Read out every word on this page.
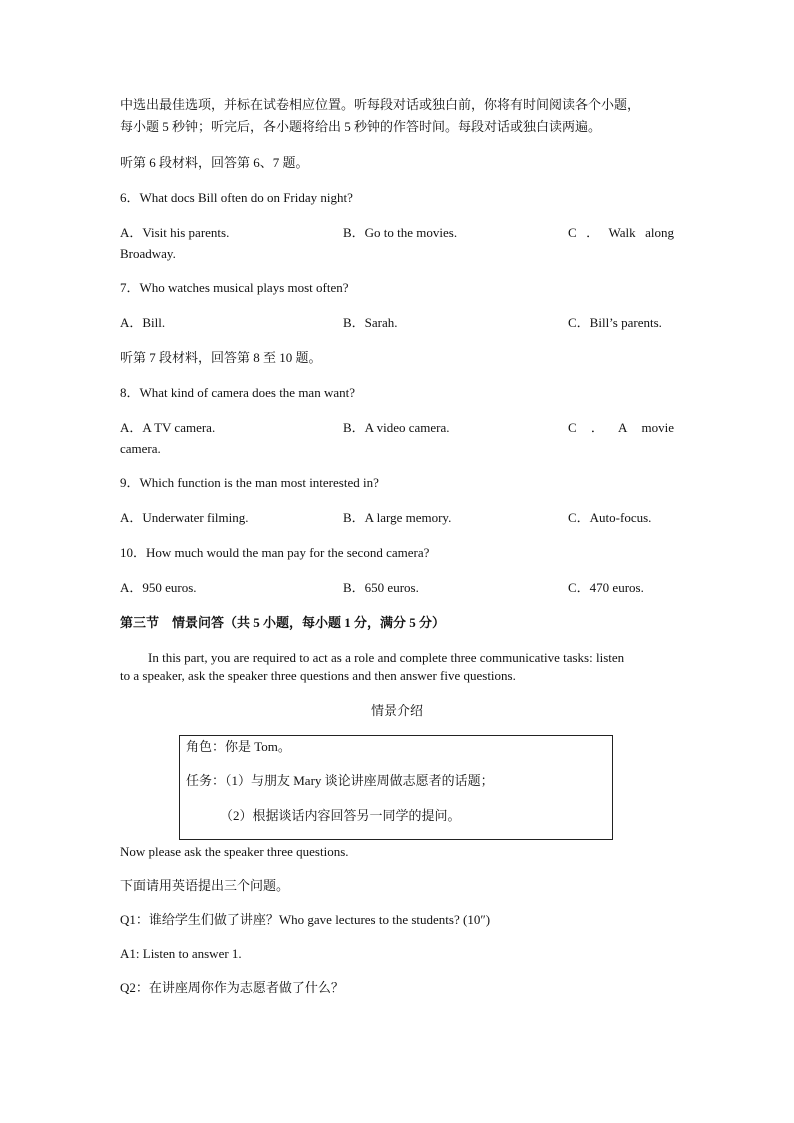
中选出最佳选项，并标在试卷相应位置。听每段对话或独白前，你将有时间阅读各个小题，
每小题 5 秒钟；听完后，各小题将给出 5 秒钟的作答时间。每段对话或独白读两遍。
听第 6 段材料，回答第 6、7 题。
6．What docs Bill often do on Friday night?
A．Visit his parents.	B．Go to the movies.	C ． Walk along
Broadway.
7．Who watches musical plays most often?
A．Bill.	B．Sarah.	C．Bill’s parents.
听第 7 段材料，回答第 8 至 10 题。
8．What kind of camera does the man want?
A．A TV camera.	B．A video camera.	C ． A movie
camera.
9．Which function is the man most interested in?
A．Underwater filming.	B．A large memory.	C．Auto-focus.
10．How much would the man pay for the second camera?
A．950 euros.	B．650 euros.	C．470 euros.
第三节    情景问答（共 5 小题，每小题 1 分，满分 5 分）
In this part, you are required to act as a role and complete three communicative tasks: listen
to a speaker, ask the speaker three questions and then answer five questions.
情景介绍
角色：你是 Tom。
任务：（1）与朋友 Mary 谈论讲座周做志愿者的话题；
（2）根据谈话内容回答另一同学的提问。
Now please ask the speaker three questions.
下面请用英语提出三个问题。
Q1：谁给学生们做了讲座？Who gave lectures to the students? (10″)
A1: Listen to answer 1.
Q2：在讲座周你作为志愿者做了什么？
